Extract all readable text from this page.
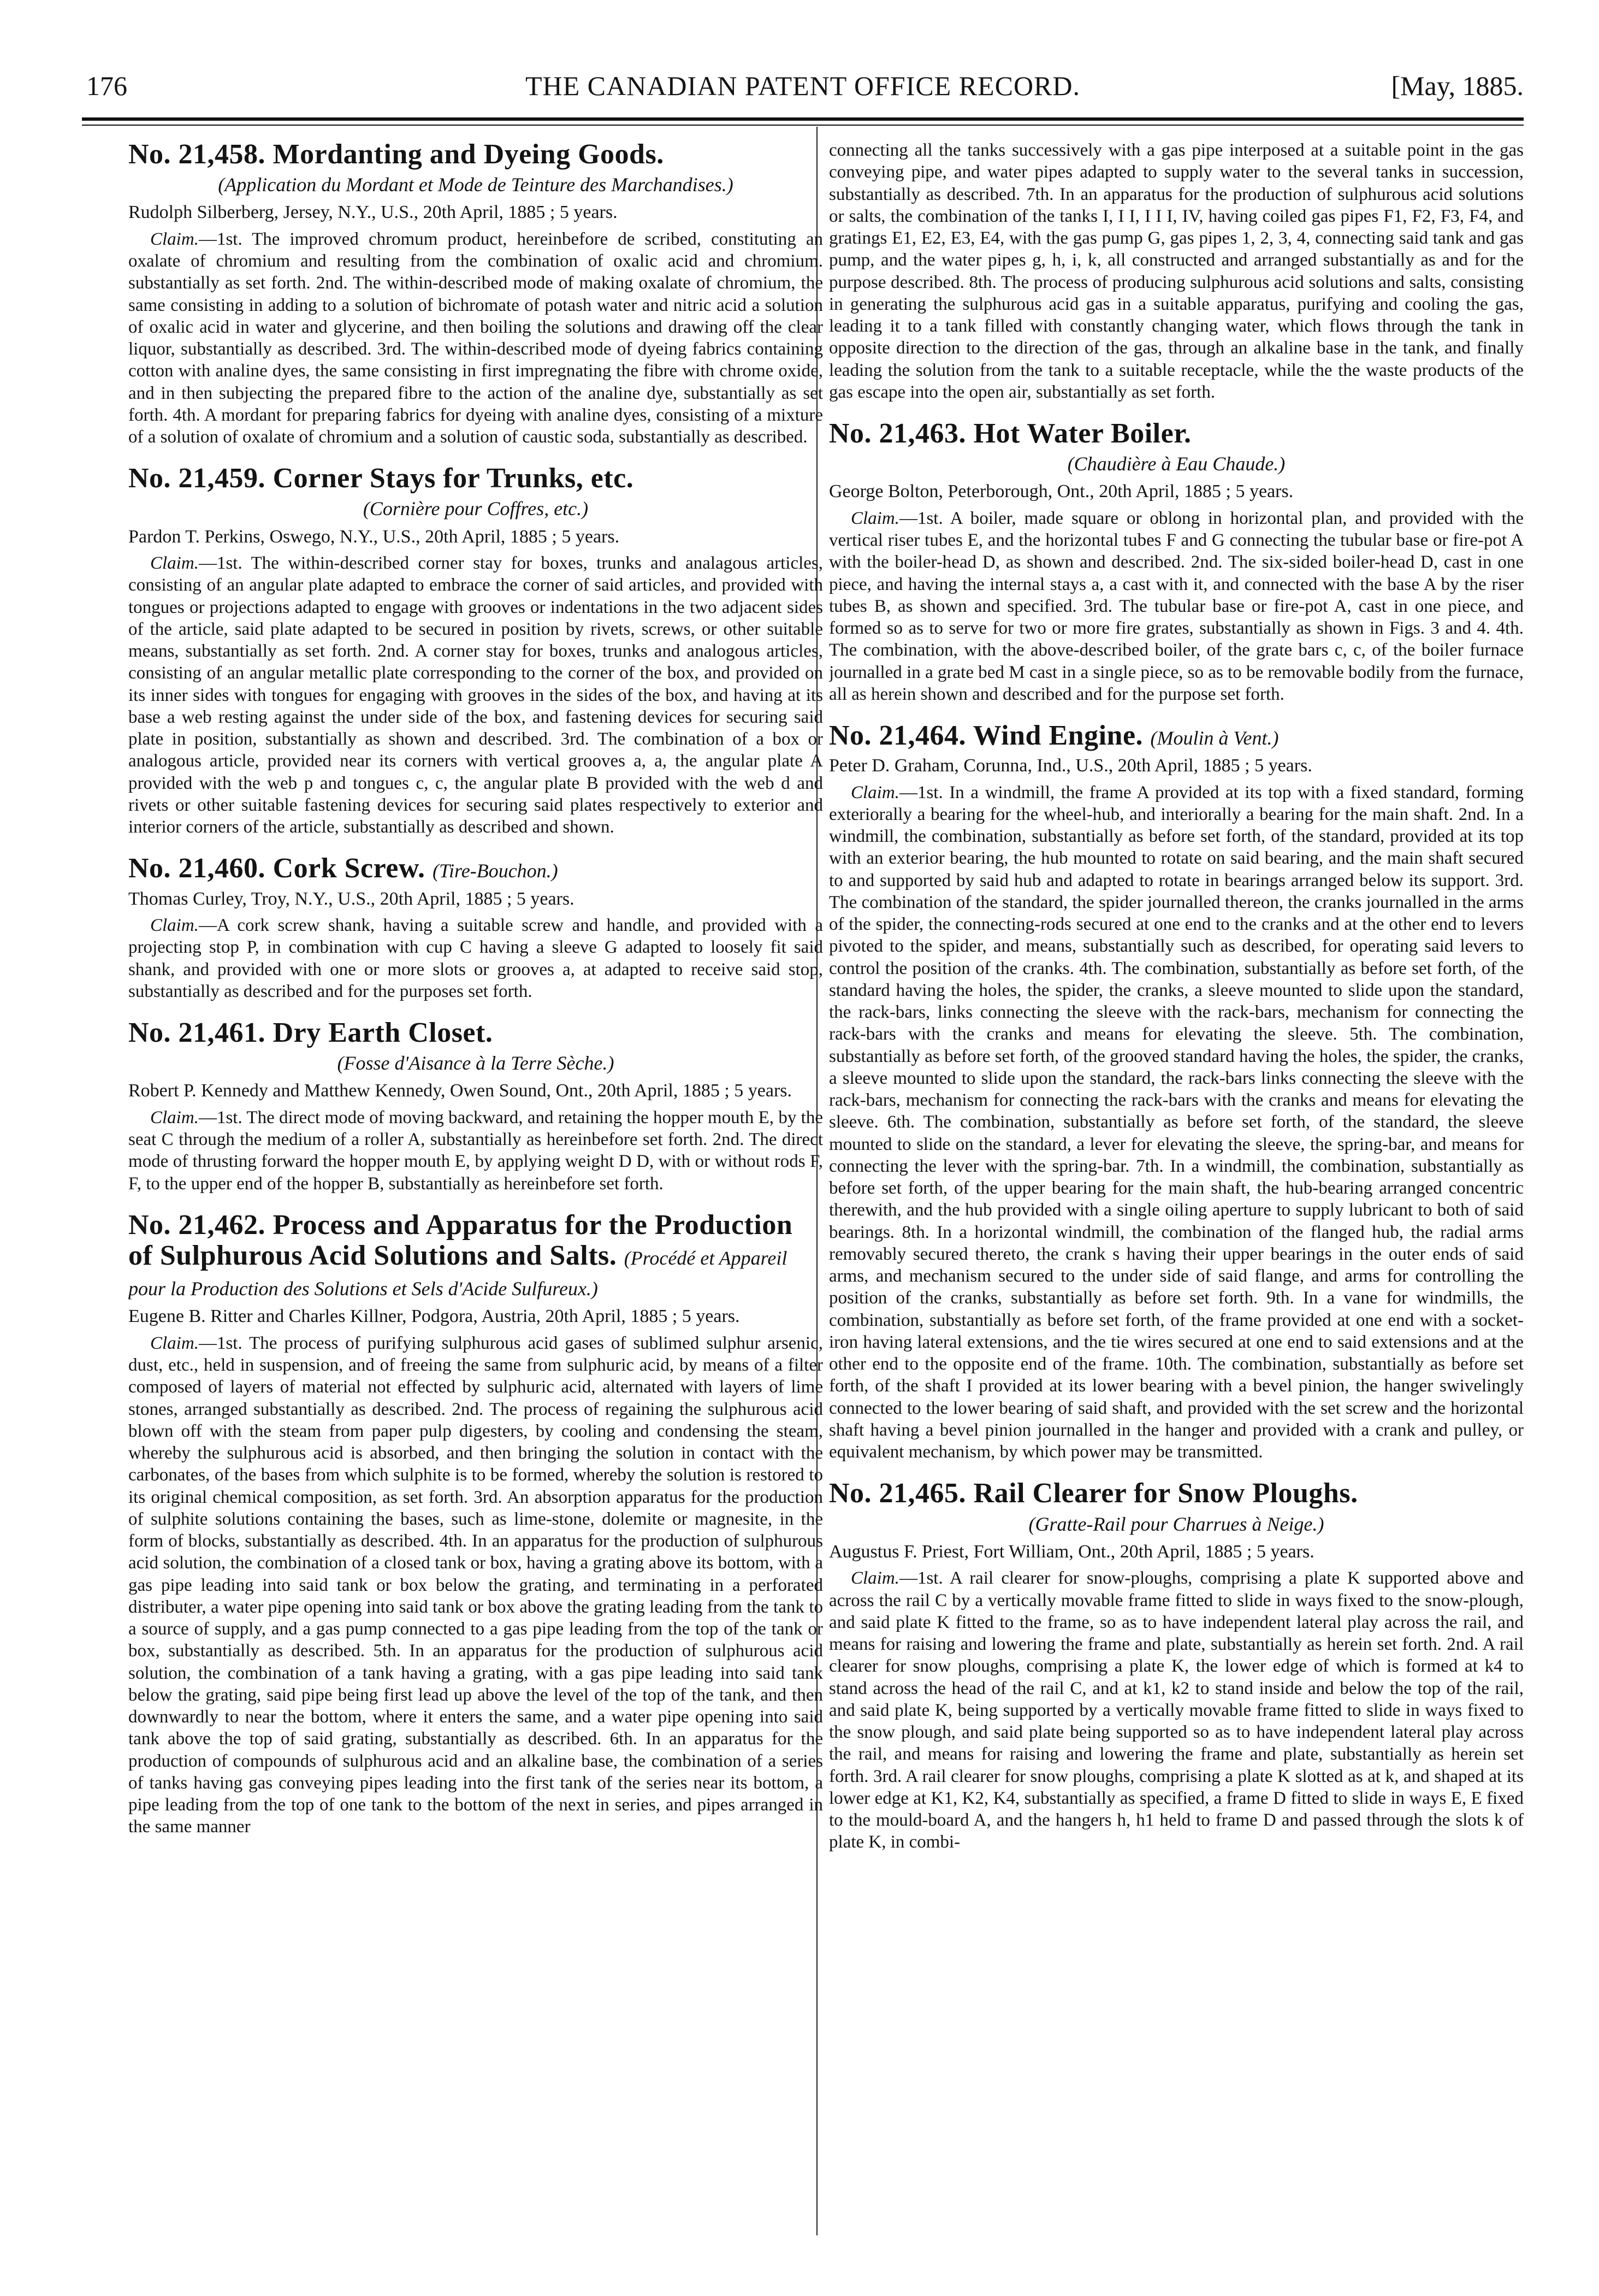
176	THE CANADIAN PATENT OFFICE RECORD.	[May, 1885.
No. 21,458. Mordanting and Dyeing Goods.
(Application du Mordant et Mode de Teinture des Marchandises.)

Rudolph Silberberg, Jersey, N.Y., U.S., 20th April, 1885 ; 5 years.

Claim.—1st. The improved chromum product, hereinbefore de scribed, constituting an oxalate of chromium and resulting from the combination of oxalic acid and chromium. substantially as set forth. 2nd. The within-described mode of making oxalate of chromium, the same consisting in adding to a solution of bichromate of potash water and nitric acid a solution of oxalic acid in water and glycerine, and then boiling the solutions and drawing off the clear liquor, substantially as described. 3rd. The within-described mode of dyeing fabrics containing cotton with analine dyes, the same consisting in first impregnating the fibre with chrome oxide, and in then subjecting the prepared fibre to the action of the analine dye, substantially as set forth. 4th. A mordant for preparing fabrics for dyeing with analine dyes, consisting of a mixture of a solution of oxalate of chromium and a solution of caustic soda, substantially as described.

No. 21,459. Corner Stays for Trunks, etc.
(Cornière pour Coffres, etc.)

Pardon T. Perkins, Oswego, N.Y., U.S., 20th April, 1885 ; 5 years.

Claim.—1st. The within-described corner stay for boxes, trunks and analagous articles, consisting of an angular plate adapted to embrace the corner of said articles, and provided with tongues or projections adapted to engage with grooves or indentations in the two adjacent sides of the article, said plate adapted to be secured in position by rivets, screws, or other suitable means, substantially as set forth. 2nd. A corner stay for boxes, trunks and analogous articles, consisting of an angular metallic plate corresponding to the corner of the box, and provided on its inner sides with tongues for engaging with grooves in the sides of the box, and having at its base a web resting against the under side of the box, and fastening devices for securing said plate in position, substantially as shown and described. 3rd. The combination of a box or analogous article, provided near its corners with vertical grooves a, a, the angular plate A provided with the web p and tongues c, c, the angular plate B provided with the web d and rivets or other suitable fastening devices for securing said plates respectively to exterior and interior corners of the article, substantially as described and shown.

No. 21,460. Cork Screw. (Tire-Bouchon.)

Thomas Curley, Troy, N.Y., U.S., 20th April, 1885 ; 5 years.

Claim.—A cork screw shank, having a suitable screw and handle, and provided with a projecting stop P, in combination with cup C having a sleeve G adapted to loosely fit said shank, and provided with one or more slots or grooves a, at adapted to receive said stop, substantially as described and for the purposes set forth.

No. 21,461. Dry Earth Closet.
(Fosse d'Aisance à la Terre Sèche.)

Robert P. Kennedy and Matthew Kennedy, Owen Sound, Ont., 20th April, 1885 ; 5 years.

Claim.—1st. The direct mode of moving backward, and retaining the hopper mouth E, by the seat C through the medium of a roller A, substantially as hereinbefore set forth. 2nd. The direct mode of thrusting forward the hopper mouth E, by applying weight D D, with or without rods F, F, to the upper end of the hopper B, substantially as hereinbefore set forth.

No. 21,462. Process and Apparatus for the Production of Sulphurous Acid Solutions and Salts. (Procédé et Appareil pour la Production des Solutions et Sels d'Acide Sulfureux.)

Eugene B. Ritter and Charles Killner, Podgora, Austria, 20th April, 1885 ; 5 years.

Claim.—1st. The process of purifying sulphurous acid gases of sublimed sulphur arsenic, dust, etc., held in suspension, and of freeing the same from sulphuric acid, by means of a filter composed of layers of material not effected by sulphuric acid, alternated with layers of lime stones, arranged substantially as described. 2nd. The process of regaining the sulphurous acid blown off with the steam from paper pulp digesters, by cooling and condensing the steam, whereby the sulphurous acid is absorbed, and then bringing the solution in contact with the carbonates, of the bases from which sulphite is to be formed, whereby the solution is restored to its original chemical composition, as set forth. 3rd. An absorption apparatus for the production of sulphite solutions containing the bases, such as lime-stone, dolemite or magnesite, in the form of blocks, substantially as described. 4th. In an apparatus for the production of sulphurous acid solution, the combination of a closed tank or box, having a grating above its bottom, with a gas pipe leading into said tank or box below the grating, and terminating in a perforated distributer, a water pipe opening into said tank or box above the grating leading from the tank to a source of supply, and a gas pump connected to a gas pipe leading from the top of the tank or box, substantially as described. 5th. In an apparatus for the production of sulphurous acid solution, the combination of a tank having a grating, with a gas pipe leading into said tank below the grating, said pipe being first lead up above the level of the top of the tank, and then downwardly to near the bottom, where it enters the same, and a water pipe opening into said tank above the top of said grating, substantially as described. 6th. In an apparatus for the production of compounds of sulphurous acid and an alkaline base, the combination of a series of tanks having gas conveying pipes leading into the first tank of the series near its bottom, a pipe leading from the top of one tank to the bottom of the next in series, and pipes arranged in the same manner

connecting all the tanks successively with a gas pipe interposed at a suitable point in the gas conveying pipe, and water pipes adapted to supply water to the several tanks in succession, substantially as described. 7th. In an apparatus for the production of sulphurous acid solutions or salts, the combination of the tanks I, I I, I I I, IV, having coiled gas pipes F1, F2, F3, F4, and gratings E1, E2, E3, E4, with the gas pump G, gas pipes 1, 2, 3, 4, connecting said tank and gas pump, and the water pipes g, h, i, k, all constructed and arranged substantially as and for the purpose described. 8th. The process of producing sulphurous acid solutions and salts, consisting in generating the sulphurous acid gas in a suitable apparatus, purifying and cooling the gas, leading it to a tank filled with constantly changing water, which flows through the tank in opposite direction to the direction of the gas, through an alkaline base in the tank, and finally leading the solution from the tank to a suitable receptacle, while the the waste products of the gas escape into the open air, substantially as set forth.

No. 21,463. Hot Water Boiler.
(Chaudière à Eau Chaude.)

George Bolton, Peterborough, Ont., 20th April, 1885 ; 5 years.

Claim.—1st. A boiler, made square or oblong in horizontal plan, and provided with the vertical riser tubes E, and the horizontal tubes F and G connecting the tubular base or fire-pot A with the boiler-head D, as shown and described. 2nd. The six-sided boiler-head D, cast in one piece, and having the internal stays a, a cast with it, and connected with the base A by the riser tubes B, as shown and specified. 3rd. The tubular base or fire-pot A, cast in one piece, and formed so as to serve for two or more fire grates, substantially as shown in Figs. 3 and 4. 4th. The combination, with the above-described boiler, of the grate bars c, c, of the boiler furnace journalled in a grate bed M cast in a single piece, so as to be removable bodily from the furnace, all as herein shown and described and for the purpose set forth.

No. 21,464. Wind Engine. (Moulin à Vent.)

Peter D. Graham, Corunna, Ind., U.S., 20th April, 1885 ; 5 years.

Claim.—1st. In a windmill, the frame A provided at its top with a fixed standard, forming exteriorally a bearing for the wheel-hub, and interiorally a bearing for the main shaft. 2nd. In a windmill, the combination, substantially as before set forth, of the standard, provided at its top with an exterior bearing, the hub mounted to rotate on said bearing, and the main shaft secured to and supported by said hub and adapted to rotate in bearings arranged below its support. 3rd. The combination of the standard, the spider journalled thereon, the cranks journalled in the arms of the spider, the connecting-rods secured at one end to the cranks and at the other end to levers pivoted to the spider, and means, substantially such as described, for operating said levers to control the position of the cranks. 4th. The combination, substantially as before set forth, of the standard having the holes, the spider, the cranks, a sleeve mounted to slide upon the standard, the rack-bars, links connecting the sleeve with the rack-bars, mechanism for connecting the rack-bars with the cranks and means for elevating the sleeve. 5th. The combination, substantially as before set forth, of the grooved standard having the holes, the spider, the cranks, a sleeve mounted to slide upon the standard, the rack-bars links connecting the sleeve with the rack-bars, mechanism for connecting the rack-bars with the cranks and means for elevating the sleeve. 6th. The combination, substantially as before set forth, of the standard, the sleeve mounted to slide on the standard, a lever for elevating the sleeve, the spring-bar, and means for connecting the lever with the spring-bar. 7th. In a windmill, the combination, substantially as before set forth, of the upper bearing for the main shaft, the hub-bearing arranged concentric therewith, and the hub provided with a single oiling aperture to supply lubricant to both of said bearings. 8th. In a horizontal windmill, the combination of the flanged hub, the radial arms removably secured thereto, the crank s having their upper bearings in the outer ends of said arms, and mechanism secured to the under side of said flange, and arms for controlling the position of the cranks, substantially as before set forth. 9th. In a vane for windmills, the combination, substantially as before set forth, of the frame provided at one end with a socket-iron having lateral extensions, and the tie wires secured at one end to said extensions and at the other end to the opposite end of the frame. 10th. The combination, substantially as before set forth, of the shaft I provided at its lower bearing with a bevel pinion, the hanger swivelingly connected to the lower bearing of said shaft, and provided with the set screw and the horizontal shaft having a bevel pinion journalled in the hanger and provided with a crank and pulley, or equivalent mechanism, by which power may be transmitted.

No. 21,465. Rail Clearer for Snow Ploughs.
(Gratte-Rail pour Charrues à Neige.)

Augustus F. Priest, Fort William, Ont., 20th April, 1885 ; 5 years.

Claim.—1st. A rail clearer for snow-ploughs, comprising a plate K supported above and across the rail C by a vertically movable frame fitted to slide in ways fixed to the snow-plough, and said plate K fitted to the frame, so as to have independent lateral play across the rail, and means for raising and lowering the frame and plate, substantially as herein set forth. 2nd. A rail clearer for snow ploughs, comprising a plate K, the lower edge of which is formed at k4 to stand across the head of the rail C, and at k1, k2 to stand inside and below the top of the rail, and said plate K, being supported by a vertically movable frame fitted to slide in ways fixed to the snow plough, and said plate being supported so as to have independent lateral play across the rail, and means for raising and lowering the frame and plate, substantially as herein set forth. 3rd. A rail clearer for snow ploughs, comprising a plate K slotted as at k, and shaped at its lower edge at K1, K2, K4, substantially as specified, a frame D fitted to slide in ways E, E fixed to the mould-board A, and the hangers h, h1 held to frame D and passed through the slots k of plate K, in combi-
